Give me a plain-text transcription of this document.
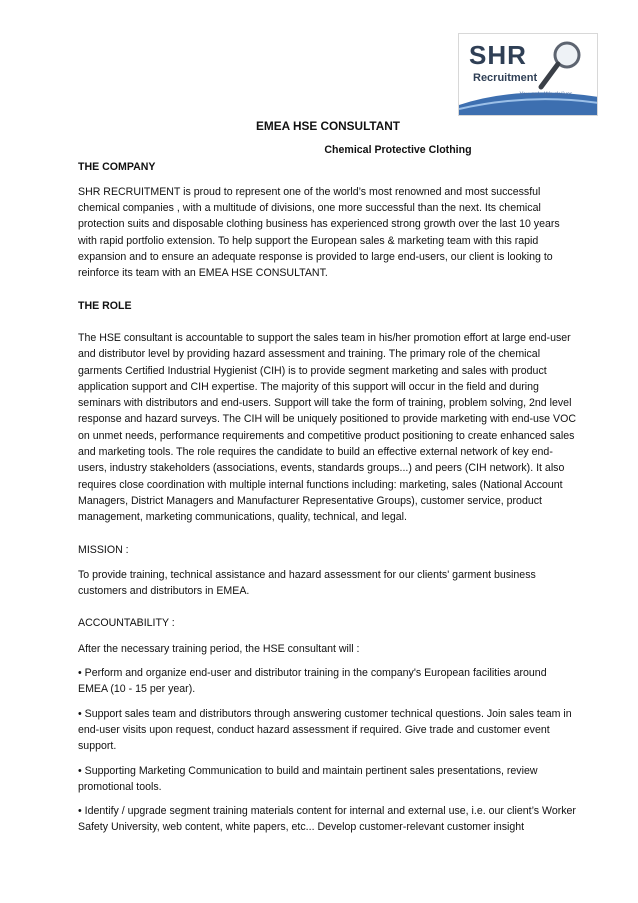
SHR
Recruitment
You ask. We deliver

EMEA HSE CONSULTANT

Chemical Protective Clothing

THE COMPANY

SHR RECRUITMENT is proud to represent one of the world’s most renowned and most successful chemical companies , with a multitude of divisions, one more successful than the next. Its chemical protection suits and disposable clothing business has experienced strong growth over the last 10 years with rapid portfolio extension. To help support the European sales & marketing team with this rapid expansion and to ensure an adequate response is provided to large end-users, our client is looking to reinforce its team with an EMEA HSE CONSULTANT.

THE ROLE

The HSE consultant is accountable to support the sales team in his/her promotion effort at large end-user and distributor level by providing hazard assessment and training. The primary role of the chemical garments Certified Industrial Hygienist (CIH) is to provide segment marketing and sales with product application support and CIH expertise. The majority of this support will occur in the field and during seminars with distributors and end-users. Support will take the form of training, problem solving, 2nd level response and hazard surveys. The CIH will be uniquely positioned to provide marketing with end-use VOC on unmet needs, performance requirements and competitive product positioning to create enhanced sales and marketing tools. The role requires the candidate to build an effective external network of key end-users, industry stakeholders (associations, events, standards groups...) and peers (CIH network). It also requires close coordination with multiple internal functions including: marketing, sales (National Account Managers, District Managers and Manufacturer Representative Groups), customer service, product management, marketing communications, quality, technical, and legal.

MISSION :

To provide training, technical assistance and hazard assessment for our clients' garment business customers and distributors in EMEA.

ACCOUNTABILITY :

After the necessary training period, the HSE consultant will :

• Perform and organize end-user and distributor training in the company's European facilities around EMEA (10 - 15 per year).

• Support sales team and distributors through answering customer technical questions. Join sales team in end-user visits upon request, conduct hazard assessment if required. Give trade and customer event support.

• Supporting Marketing Communication to build and maintain pertinent sales presentations, review promotional tools.

• Identify / upgrade segment training materials content for internal and external use, i.e. our client’s Worker Safety University, web content, white papers, etc... Develop customer-relevant customer insight
